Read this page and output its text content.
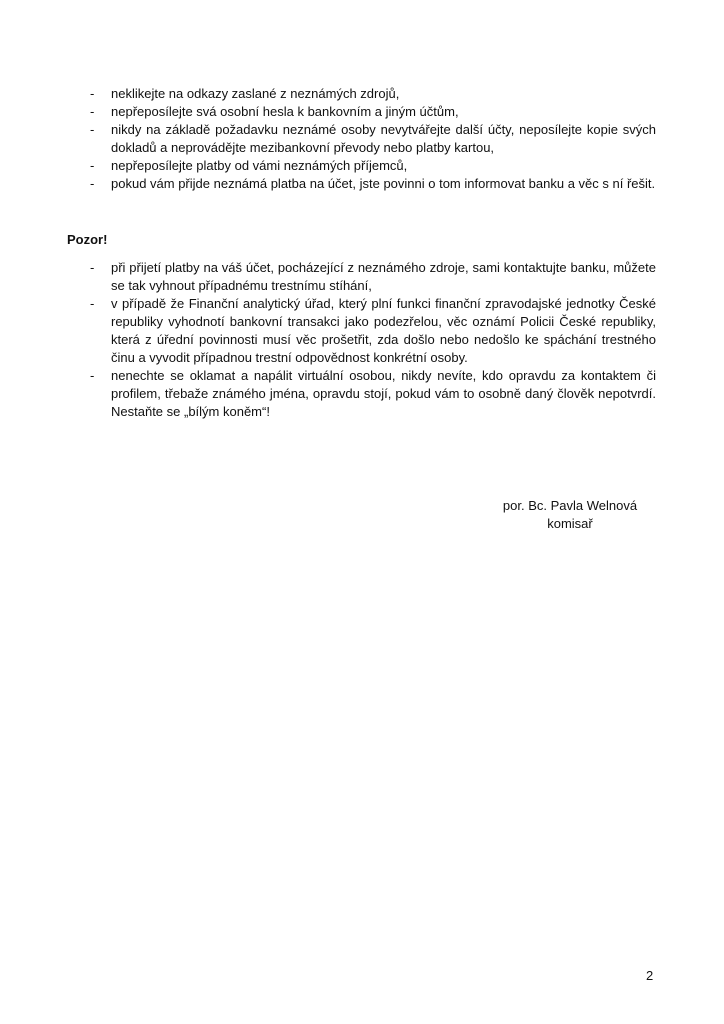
- neklikejte na odkazy zaslané z neznámých zdrojů,
- nepřeposílejte svá osobní hesla k bankovním a jiným účtům,
- nikdy na základě požadavku neznámé osoby nevytvářejte další účty, neposílejte kopie svých dokladů a neprovádějte mezibankovní převody nebo platby kartou,
- nepřeposílejte platby od vámi neznámých příjemců,
- pokud vám přijde neznámá platba na účet, jste povinni o tom informovat banku a věc s ní řešit.
Pozor!
- při přijetí platby na váš účet, pocházející z neznámého zdroje, sami kontaktujte banku, můžete se tak vyhnout případnému trestnímu stíhání,
- v případě že Finanční analytický úřad, který plní funkci finanční zpravodajské jednotky České republiky vyhodnotí bankovní transakci jako podezřelou, věc oznámí Policii České republiky, která z úřední povinnosti musí věc prošetřit, zda došlo nebo nedošlo ke spáchání trestného činu a vyvodit případnou trestní odpovědnost konkrétní osoby.
- nenechte se oklamat a napálit virtuální osobou, nikdy nevíte, kdo opravdu za kontaktem či profilem, třebaže známého jména, opravdu stojí, pokud vám to osobně daný člověk nepotvrdí. Nestaňte se „bílým koněm“!
por. Bc. Pavla Welnová
komisař
2
